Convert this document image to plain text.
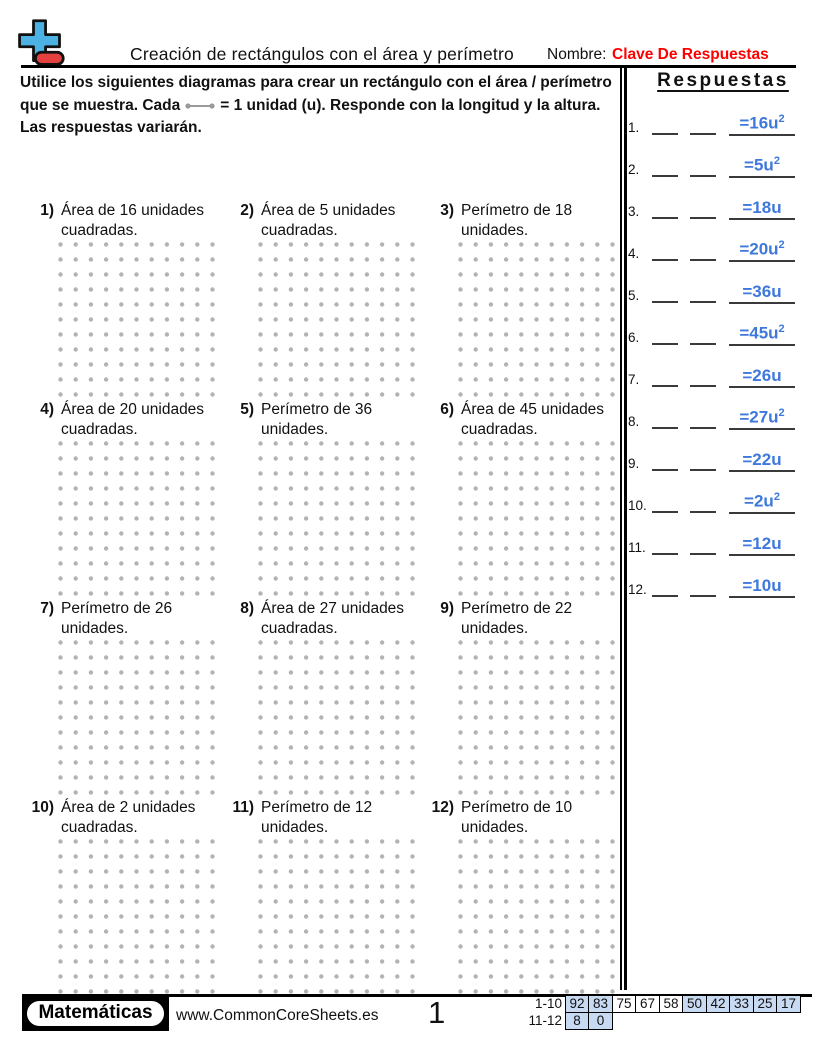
Creación de rectángulos con el área y perímetro Nombre: Clave De Respuestas
Utilice los siguientes diagramas para crear un rectángulo con el área / perímetro
que se muestra. Cada	= 1 unidad (u). Responde con la longitud y la altura.
Las respuestas variarán.
1) Área de 16 unidades cuadradas.
2) Área de 5 unidades cuadradas.
3) Perímetro de 18 unidades.
4) Área de 20 unidades cuadradas.
5) Perímetro de 36 unidades.
6) Área de 45 unidades cuadradas.
7) Perímetro de 26 unidades.
8) Área de 27 unidades cuadradas.
9) Perímetro de 22 unidades.
10) Área de 2 unidades cuadradas.
11) Perímetro de 12 unidades.
12) Perímetro de 10 unidades.
Respuestas
1.	$=16u^2$
2.	$=5u^2$
3.	=18u
4.	$=20u^2$
5.	=36u
6.	$=45u^2$
7.	=26u
8.	$=27u^2$
9.	=22u
10.	$=2u^2$
11.	=12u
12.	=10u
Matemáticas	www.CommonCoreSheets.es 1	1-10 92 83 75 67 58 50 42 33 25 17
11-12 8	0
